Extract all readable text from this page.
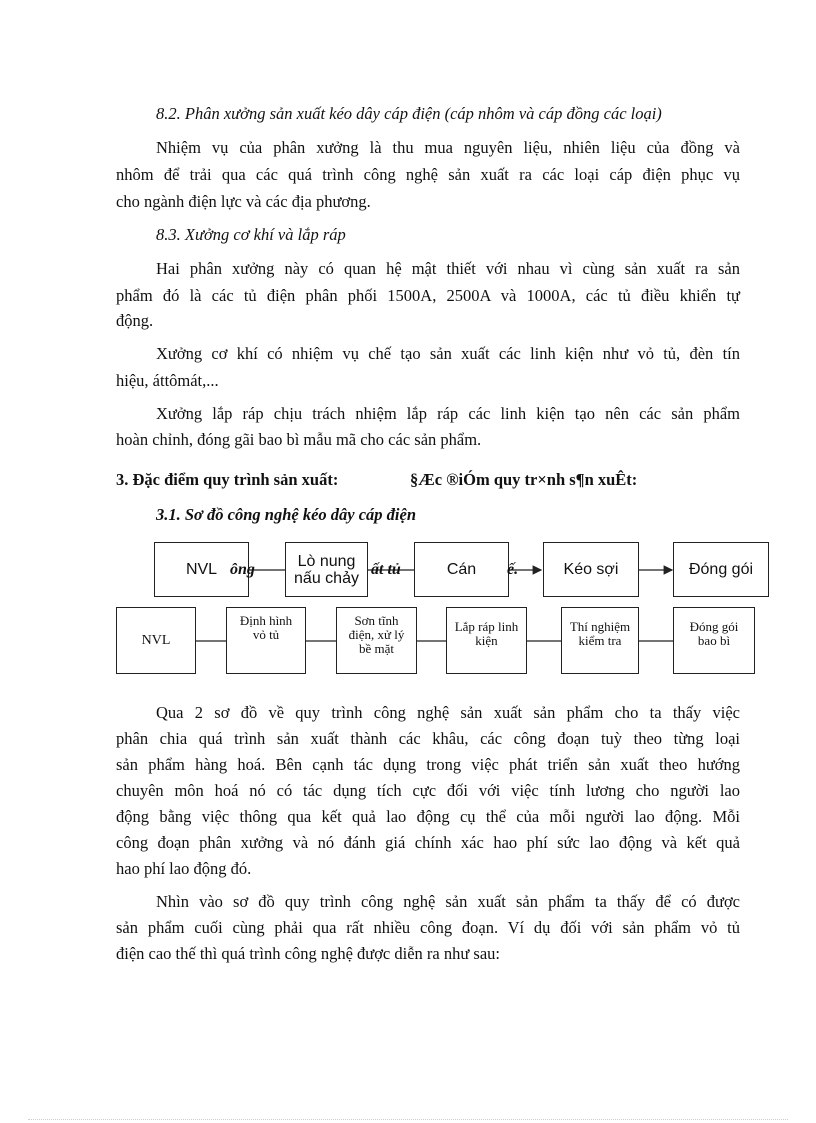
8.2. Phân xưởng sản xuất kéo dây cáp điện (cáp nhôm và cáp đồng các loại)
Nhiệm vụ của phân xưởng là thu mua nguyên liệu, nhiên liệu của đồng và
nhôm để trải qua các quá trình công nghệ sản xuất ra các loại cáp điện phục vụ
cho ngành điện lực và các địa phương.
8.3. Xưởng cơ khí và lắp ráp
Hai phân xưởng này có quan hệ mật thiết với nhau vì cùng sản xuất ra sản
phẩm đó là các tủ điện phân phối 1500A, 2500A và 1000A, các tủ điều khiển tự
động.
Xưởng cơ khí có nhiệm vụ chế tạo sản xuất các linh kiện như vỏ tủ, đèn tín
hiệu, áttômát,...
Xưởng lắp ráp chịu trách nhiệm lắp ráp các linh kiện tạo nên các sản phẩm
hoàn chỉnh, đóng gãi bao bì mẫu mã cho các sản phẩm.
3. Đặc điểm quy trình sản xuất:	§Æc ®iÓm quy tr×nh s¶n xuÊt:
3.1. Sơ đồ công nghệ kéo dây cáp điện
NVL ông	Lò nung
nấu chảy ất tủ	Cán ế.	Kéo sợi	Đóng gói
NVL
Định hình
vỏ tủ
Sơn tĩnh
điện, xử lý
bề mặt
Lắp ráp linh
kiện
Thí nghiệm
kiểm tra
Đóng gói
bao bì
Qua 2 sơ đồ về quy trình công nghệ sản xuất sản phẩm cho ta thấy việc
phân chia quá trình sản xuất thành các khâu, các công đoạn tuỳ theo từng loại
sản phẩm hàng hoá. Bên cạnh tác dụng trong việc phát triển sản xuất theo hướng
chuyên môn hoá nó có tác dụng tích cực đối với việc tính lương cho người lao
động bằng việc thông qua kết quả lao động cụ thể của mỗi người lao động. Mỗi
công đoạn phân xưởng và nó đánh giá chính xác hao phí sức lao động và kết quả
hao phí lao động đó.
Nhìn vào sơ đồ quy trình công nghệ sản xuất sản phẩm ta thấy để có được
sản phẩm cuối cùng phải qua rất nhiều công đoạn. Ví dụ đối với sản phẩm vỏ tủ
điện cao thế thì quá trình công nghệ được diễn ra như sau:
